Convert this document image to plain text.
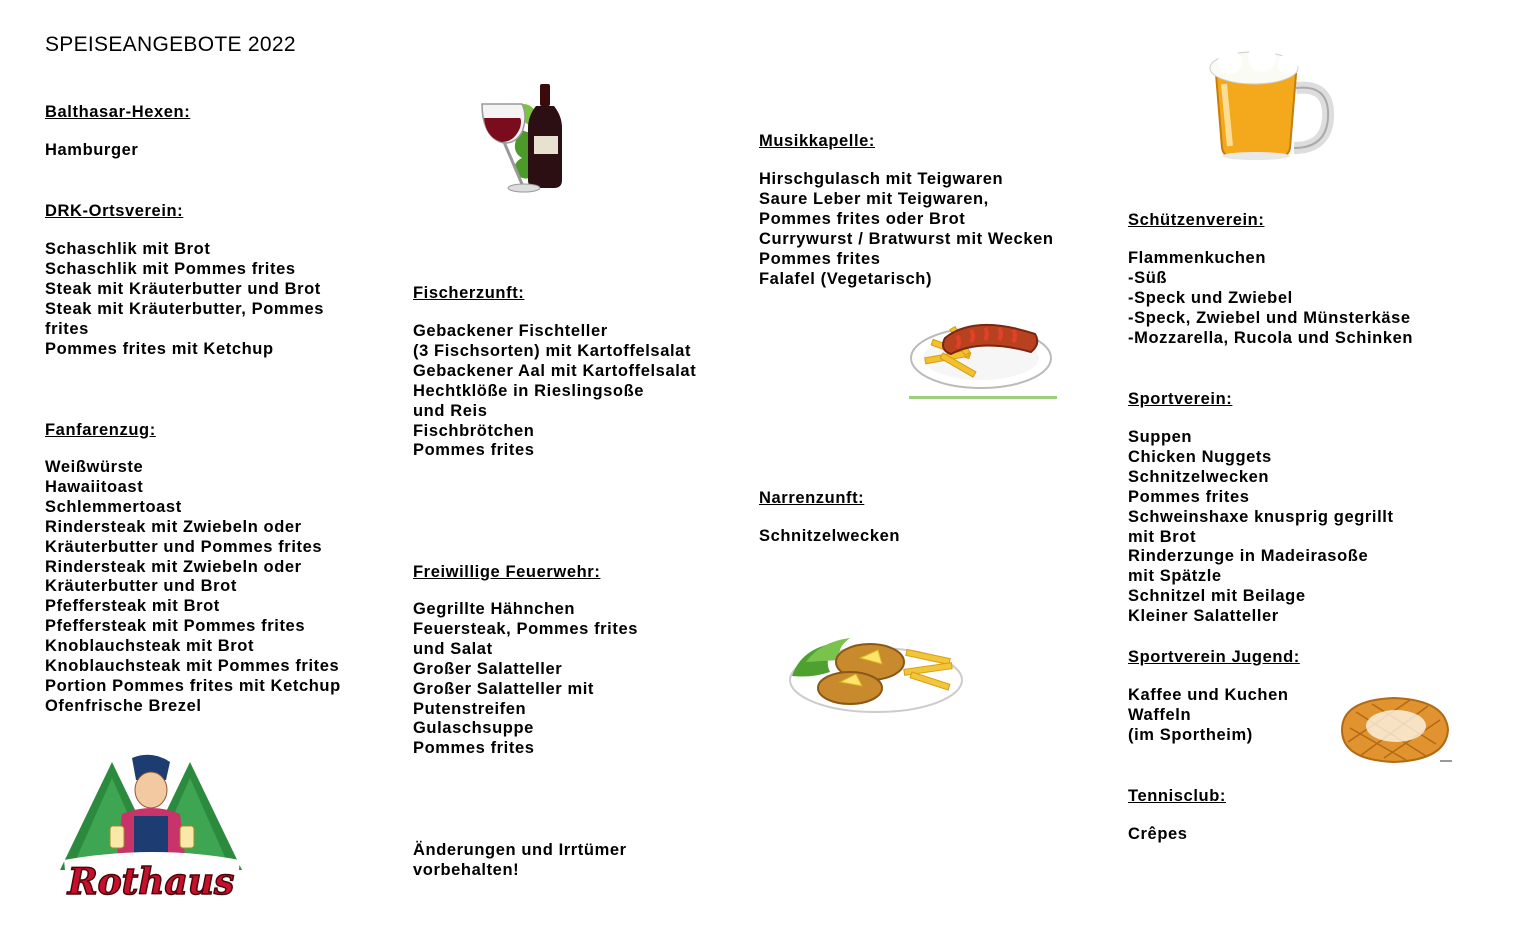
SPEISEANGEBOTE 2022
Balthasar-Hexen:
Hamburger
DRK-Ortsverein:
Schaschlik mit Brot
Schaschlik mit Pommes frites
Steak mit Kräuterbutter und Brot
Steak mit Kräuterbutter, Pommes
frites
Pommes frites mit Ketchup
Fanfarenzug:
Weißwürste
Hawaiitoast
Schlemmertoast
Rindersteak mit Zwiebeln oder
Kräuterbutter und Pommes frites
Rindersteak mit Zwiebeln oder
Kräuterbutter und Brot
Pfeffersteak mit Brot
Pfeffersteak mit Pommes frites
Knoblauchsteak mit Brot
Knoblauchsteak mit Pommes frites
Portion Pommes frites mit Ketchup
Ofenfrische Brezel
Fischerzunft:
Gebackener Fischteller
(3 Fischsorten) mit Kartoffelsalat
Gebackener Aal mit Kartoffelsalat
Hechtklöße in Rieslingsoße
und Reis
Fischbrötchen
Pommes frites
Freiwillige Feuerwehr:
Gegrillte Hähnchen
Feuersteak, Pommes frites
und Salat
Großer Salatteller
Großer Salatteller mit
Putenstreifen
Gulaschsuppe
Pommes frites
Änderungen und Irrtümer
vorbehalten!
Musikkapelle:
Hirschgulasch mit Teigwaren
Saure Leber mit Teigwaren,
Pommes frites oder Brot
Currywurst / Bratwurst mit Wecken
Pommes frites
Falafel (Vegetarisch)
Narrenzunft:
Schnitzelwecken
Schützenverein:
Flammenkuchen
-Süß
-Speck und Zwiebel
-Speck, Zwiebel und Münsterkäse
-Mozzarella, Rucola und Schinken
Sportverein:
Suppen
Chicken Nuggets
Schnitzelwecken
Pommes frites
Schweinshaxe knusprig gegrillt
mit Brot
Rinderzunge in Madeirasoße
mit Spätzle
Schnitzel mit Beilage
Kleiner Salatteller
Sportverein Jugend:
Kaffee und Kuchen
Waffeln
(im Sportheim)
Tennisclub:
Crêpes
Rothaus
